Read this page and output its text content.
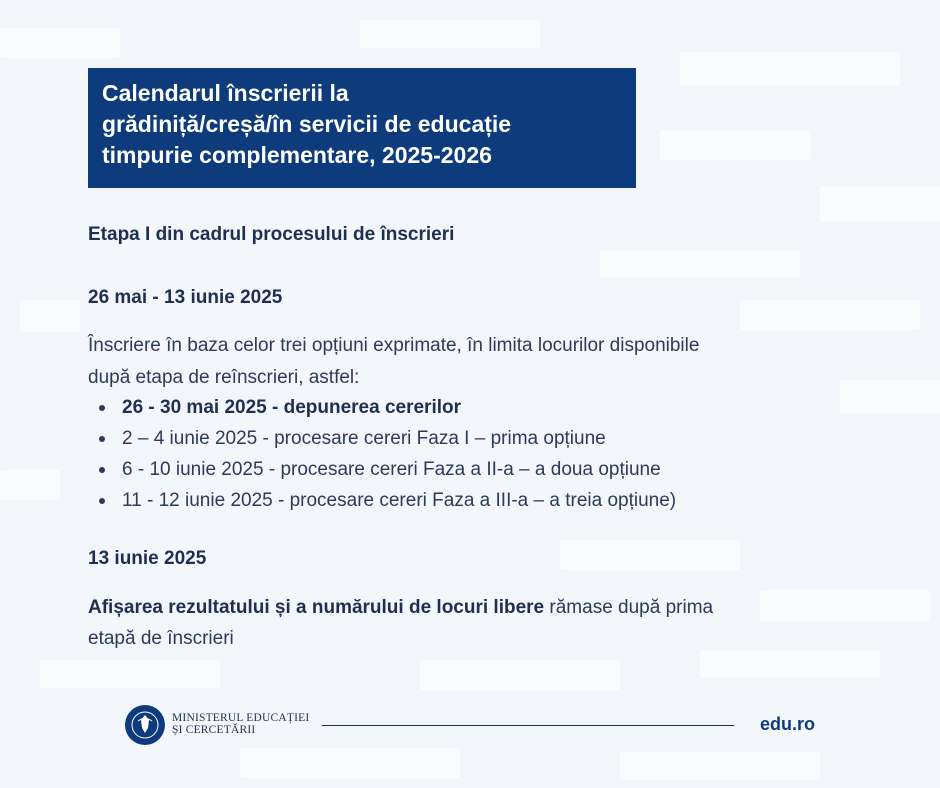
Calendarul înscrierii la
grădiniță/creșă/în servicii de educație
timpurie complementare, 2025-2026
Etapa I din cadrul procesului de înscrieri
26 mai - 13 iunie 2025
Înscriere în baza celor trei opțiuni exprimate, în limita locurilor disponibile
după etapa de reînscrieri, astfel:
26 - 30 mai 2025 - depunerea cererilor
2 – 4 iunie 2025 - procesare cereri Faza I – prima opțiune
6 - 10 iunie 2025 - procesare cereri Faza a II-a – a doua opțiune
11 - 12 iunie 2025 - procesare cereri Faza a III-a – a treia opțiune)
13 iunie 2025
Afișarea rezultatului și a numărului de locuri libere rămase după prima
etapă de înscrieri
MINISTERUL EDUCAȚIEI
ȘI CERCETĂRII	edu.ro
